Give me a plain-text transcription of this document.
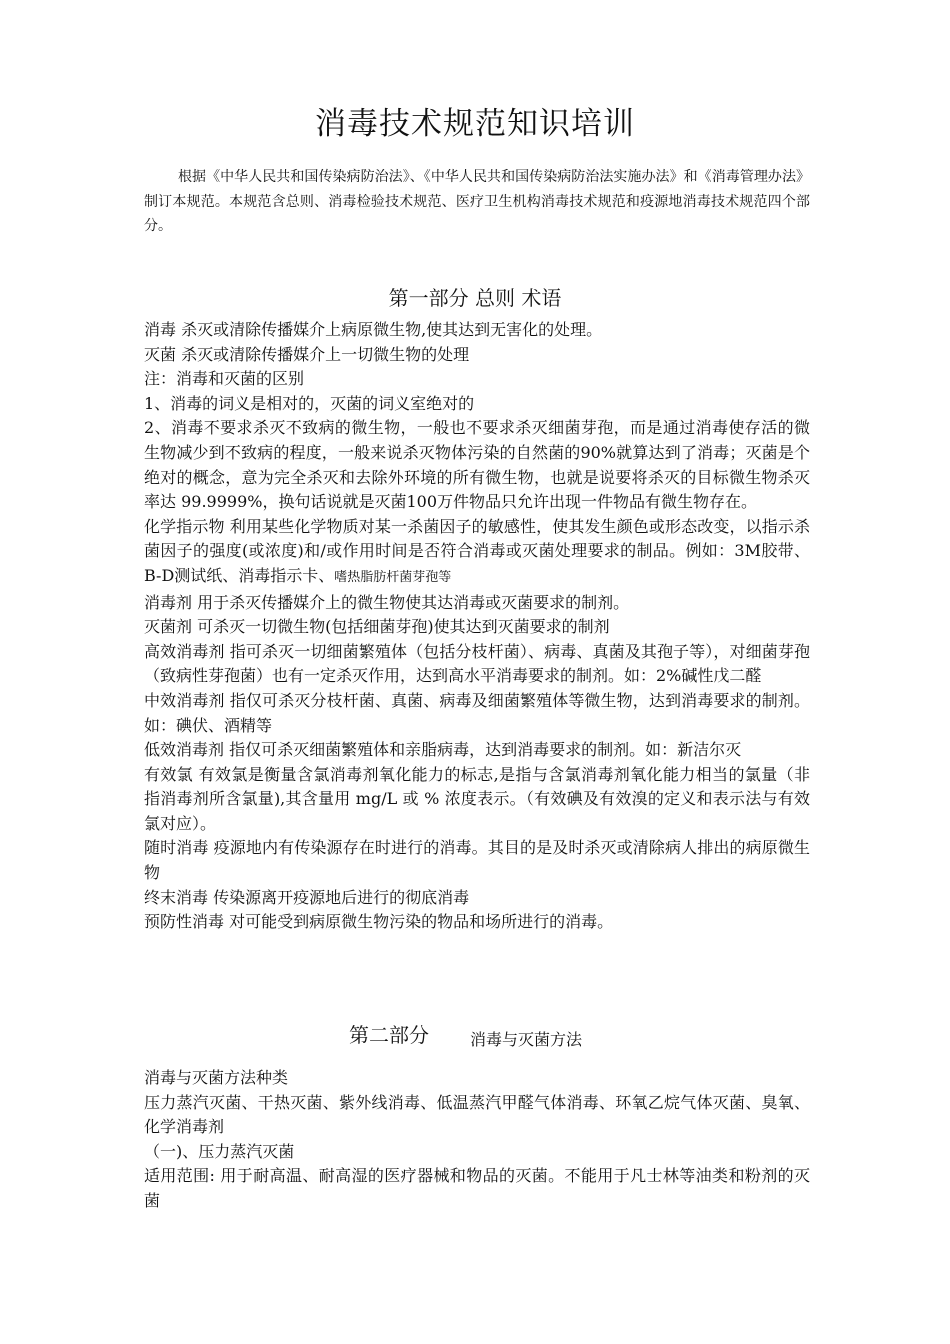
消毒技术规范知识培训
根据《中华人民共和国传染病防治法》、《中华人民共和国传染病防治法实施办法》和《消毒管理办法》制订本规范。本规范含总则、消毒检验技术规范、医疗卫生机构消毒技术规范和疫源地消毒技术规范四个部分。
第一部分 总则 术语

消毒 杀灭或清除传播媒介上病原微生物,使其达到无害化的处理。

灭菌 杀灭或清除传播媒介上一切微生物的处理

注：消毒和灭菌的区别

1、消毒的词义是相对的，灭菌的词义室绝对的

2、消毒不要求杀灭不致病的微生物，一般也不要求杀灭细菌芽孢，而是通过消毒使存活的微生物减少到不致病的程度，一般来说杀灭物体污染的自然菌的90%就算达到了消毒；灭菌是个绝对的概念，意为完全杀灭和去除外环境的所有微生物，也就是说要将杀灭的目标微生物杀灭率达 99.9999%，换句话说就是灭菌100万件物品只允许出现一件物品有微生物存在。

化学指示物 利用某些化学物质对某一杀菌因子的敏感性，使其发生颜色或形态改变，以指示杀菌因子的强度(或浓度)和/或作用时间是否符合消毒或灭菌处理要求的制品。例如：3M胶带、B-D测试纸、消毒指示卡、嗜热脂肪杆菌芽孢等

消毒剂 用于杀灭传播媒介上的微生物使其达消毒或灭菌要求的制剂。

灭菌剂 可杀灭一切微生物(包括细菌芽孢)使其达到灭菌要求的制剂

高效消毒剂 指可杀灭一切细菌繁殖体（包括分枝杆菌）、病毒、真菌及其孢子等），对细菌芽孢（致病性芽孢菌）也有一定杀灭作用，达到高水平消毒要求的制剂。如：2%碱性戊二醛

中效消毒剂 指仅可杀灭分枝杆菌、真菌、病毒及细菌繁殖体等微生物，达到消毒要求的制剂。如：碘伏、酒精等

低效消毒剂 指仅可杀灭细菌繁殖体和亲脂病毒，达到消毒要求的制剂。如：新洁尔灭

有效氯 有效氯是衡量含氯消毒剂氧化能力的标志,是指与含氯消毒剂氧化能力相当的氯量（非指消毒剂所含氯量),其含量用 mg/L 或 % 浓度表示。（有效碘及有效溴的定义和表示法与有效氯对应）。

随时消毒 疫源地内有传染源存在时进行的消毒。其目的是及时杀灭或清除病人排出的病原微生物

终末消毒 传染源离开疫源地后进行的彻底消毒

预防性消毒 对可能受到病原微生物污染的物品和场所进行的消毒。

第二部分	消毒与灭菌方法

消毒与灭菌方法种类

压力蒸汽灭菌、干热灭菌、紫外线消毒、低温蒸汽甲醛气体消毒、环氧乙烷气体灭菌、臭氧、化学消毒剂

（一)、压力蒸汽灭菌

适用范围: 用于耐高温、耐高湿的医疗器械和物品的灭菌。不能用于凡士林等油类和粉剂的灭菌
